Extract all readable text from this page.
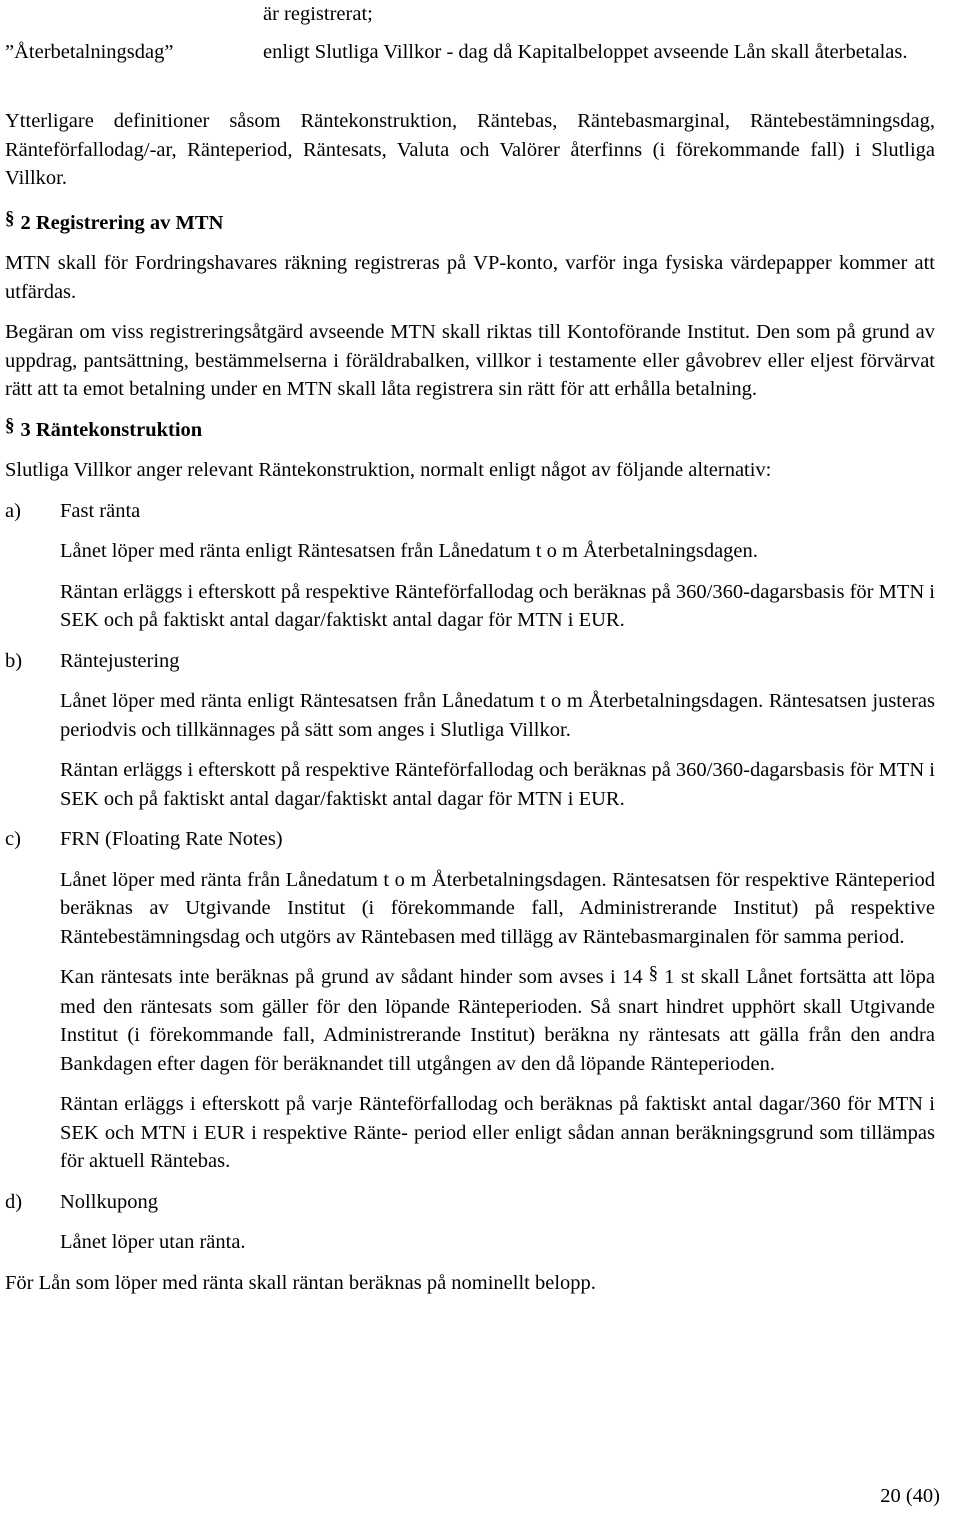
är registrerat;
”Återbetalningsdag”	enligt Slutliga Villkor - dag då Kapitalbeloppet avseende Lån skall återbetalas.

Ytterligare definitioner såsom Räntekonstruktion, Räntebas, Räntebasmarginal, Räntebestämningsdag, Ränteförfallodag/-ar, Ränteperiod, Räntesats, Valuta och Valörer återfinns (i förekommande fall) i Slutliga Villkor.

§ 2 Registrering av MTN

MTN skall för Fordringshavares räkning registreras på VP-konto, varför inga fysiska värdepapper kommer att utfärdas.

Begäran om viss registreringsåtgärd avseende MTN skall riktas till Kontoförande Institut. Den som på grund av uppdrag, pantsättning, bestämmelserna i föräldrabalken, villkor i testamente eller gåvobrev eller eljest förvärvat rätt att ta emot betalning under en MTN skall låta registrera sin rätt för att erhålla betalning.

§ 3 Räntekonstruktion

Slutliga Villkor anger relevant Räntekonstruktion, normalt enligt något av följande alternativ:

a)	Fast ränta

Lånet löper med ränta enligt Räntesatsen från Lånedatum t o m Återbetalningsdagen.

Räntan erläggs i efterskott på respektive Ränteförfallodag och beräknas på 360/360-dagarsbasis för MTN i SEK och på faktiskt antal dagar/faktiskt antal dagar för MTN i EUR.

b)	Räntejustering

Lånet löper med ränta enligt Räntesatsen från Lånedatum t o m Återbetalningsdagen. Räntesatsen justeras periodvis och tillkännages på sätt som anges i Slutliga Villkor.

Räntan erläggs i efterskott på respektive Ränteförfallodag och beräknas på 360/360-dagarsbasis för MTN i SEK och på faktiskt antal dagar/faktiskt antal dagar för MTN i EUR.

c)	FRN (Floating Rate Notes)

Lånet löper med ränta från Lånedatum t o m Återbetalningsdagen. Räntesatsen för respektive Ränteperiod beräknas av Utgivande Institut (i förekommande fall, Administrerande Institut) på respektive Räntebestämningsdag och utgörs av Räntebasen med tillägg av Räntebasmarginalen för samma period.

Kan räntesats inte beräknas på grund av sådant hinder som avses i 14 § 1 st skall Lånet fortsätta att löpa med den räntesats som gäller för den löpande Ränteperioden. Så snart hindret upphört skall Utgivande Institut (i förekommande fall, Administrerande Institut) beräkna ny räntesats att gälla från den andra Bankdagen efter dagen för beräknandet till utgången av den då löpande Ränteperioden.

Räntan erläggs i efterskott på varje Ränteförfallodag och beräknas på faktiskt antal dagar/360 för MTN i SEK och MTN i EUR i respektive Ränte- period eller enligt sådan annan beräkningsgrund som tillämpas för aktuell Räntebas.

d)	Nollkupong

Lånet löper utan ränta.

För Lån som löper med ränta skall räntan beräknas på nominellt belopp.

20 (40)
